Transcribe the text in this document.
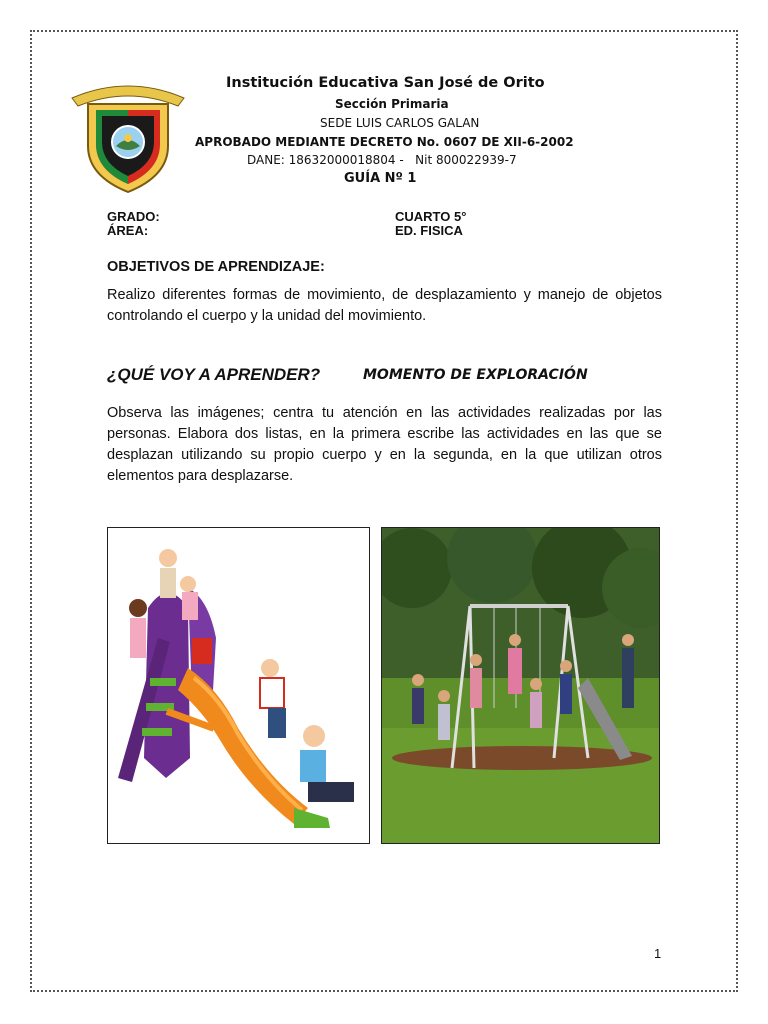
Institución Educativa San José de Orito
Sección Primaria
SEDE LUIS CARLOS GALAN
APROBADO MEDIANTE DECRETO No. 0607 DE XII-6-2002
DANE: 18632000018804 -   Nit 800022939-7
GUÍA Nº 1
GRADO:	CUARTO 5°
ÁREA:	ED. FISICA
OBJETIVOS DE APRENDIZAJE:
Realizo diferentes formas de movimiento, de desplazamiento y manejo de objetos controlando el cuerpo y la unidad del movimiento.
¿QUÉ VOY A APRENDER?	MOMENTO DE EXPLORACIÓN
Observa las imágenes; centra tu atención en las actividades realizadas por las personas. Elabora dos listas, en la primera escribe las actividades en las que se desplazan utilizando su propio cuerpo y en la segunda, en la que utilizan otros elementos para desplazarse.
1
